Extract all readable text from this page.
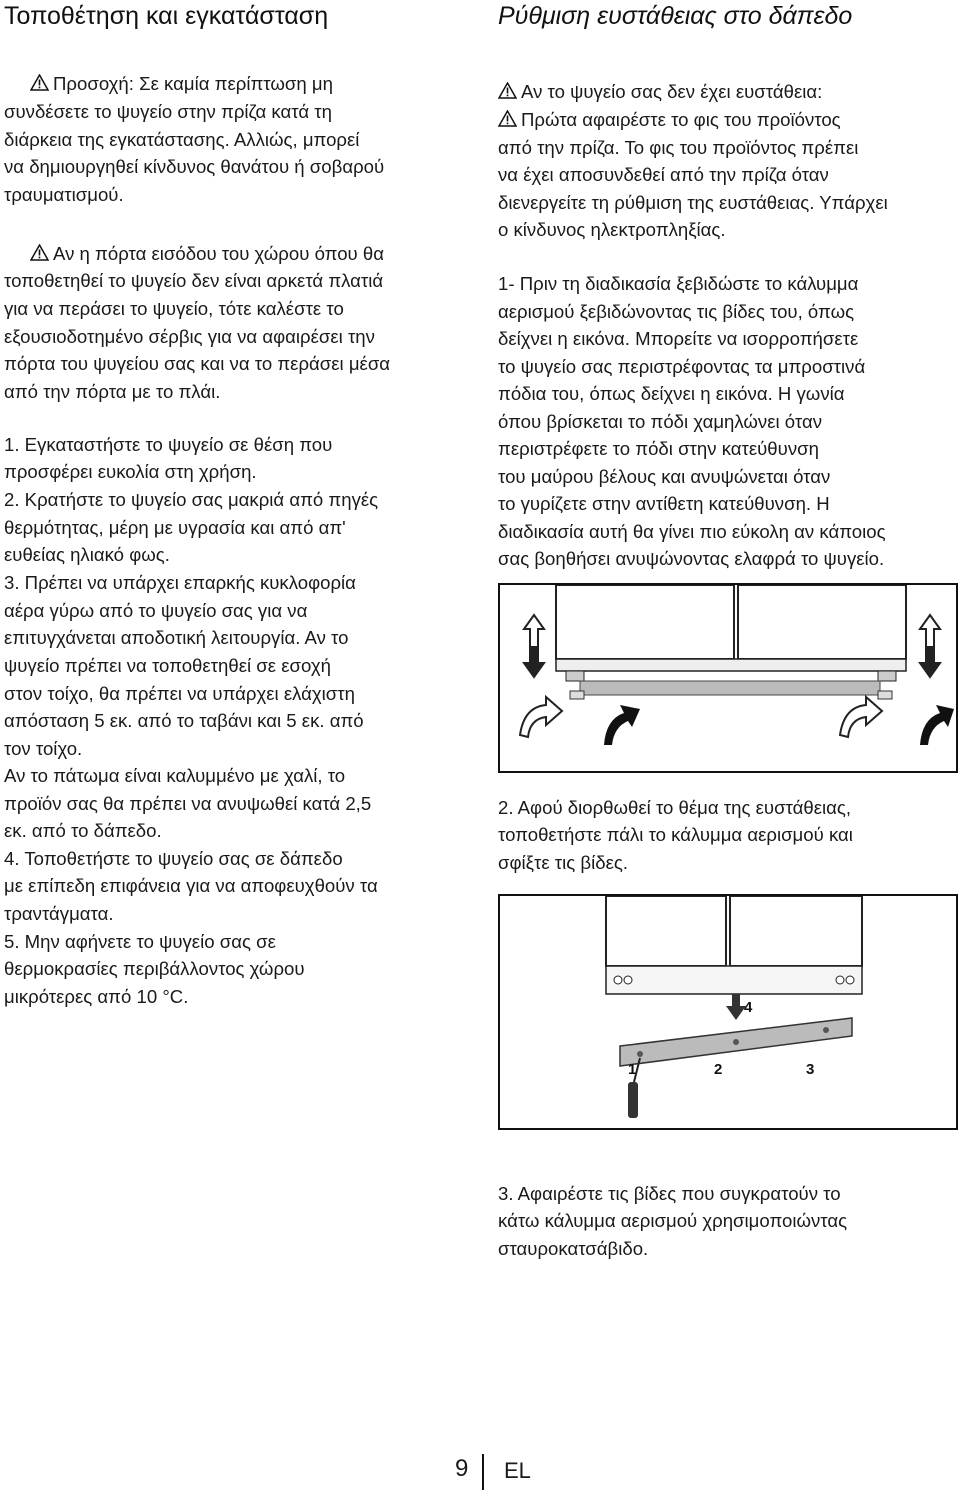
Τοποθέτηση και εγκατάσταση	Ρύθμιση ευστάθειας στο δάπεδο
Προσοχή: Σε καμία περίπτωση μη
συνδέσετε το ψυγείο στην πρίζα κατά τη
διάρκεια της εγκατάστασης. Αλλιώς, μπορεί
να δημιουργηθεί κίνδυνος θανάτου ή σοβαρού
τραυματισμού.
Αν η πόρτα εισόδου του χώρου όπου θα
τοποθετηθεί το ψυγείο δεν είναι αρκετά πλατιά
για να περάσει το ψυγείο, τότε καλέστε το
εξουσιοδοτημένο σέρβις για να αφαιρέσει την
πόρτα του ψυγείου σας και να το περάσει μέσα
από την πόρτα με το πλάι.
1. Εγκαταστήστε το ψυγείο σε θέση που
προσφέρει ευκολία στη χρήση.
2. Κρατήστε το ψυγείο σας μακριά από πηγές
θερμότητας, μέρη με υγρασία και από απ'
ευθείας ηλιακό φως.
3. Πρέπει να υπάρχει επαρκής κυκλοφορία
αέρα γύρω από το ψυγείο σας για να
επιτυγχάνεται αποδοτική λειτουργία. Αν το
ψυγείο πρέπει να τοποθετηθεί σε εσοχή
στον τοίχο, θα πρέπει να υπάρχει ελάχιστη
απόσταση 5 εκ. από το ταβάνι και 5 εκ. από
τον τοίχο.
Αν το πάτωμα είναι καλυμμένο με χαλί, το
προϊόν σας θα πρέπει να ανυψωθεί κατά 2,5
εκ. από το δάπεδο.
4. Τοποθετήστε το ψυγείο σας σε δάπεδο
με επίπεδη επιφάνεια για να αποφευχθούν τα
τραντάγματα.
5. Μην αφήνετε το ψυγείο σας σε
θερμοκρασίες περιβάλλοντος χώρου
μικρότερες από 10 °C.
Αν το ψυγείο σας δεν έχει ευστάθεια:
Πρώτα αφαιρέστε το φις του προϊόντος
από την πρίζα. Το φις του προϊόντος πρέπει
να έχει αποσυνδεθεί από την πρίζα όταν
διενεργείτε τη ρύθμιση της ευστάθειας. Υπάρχει
ο κίνδυνος ηλεκτροπληξίας.
1- Πριν τη διαδικασία ξεβιδώστε το κάλυμμα
αερισμού ξεβιδώνοντας τις βίδες του, όπως
δείχνει η εικόνα. Μπορείτε να ισορροπήσετε
το ψυγείο σας περιστρέφοντας τα μπροστινά
πόδια του, όπως δείχνει η εικόνα. Η γωνία
όπου βρίσκεται το πόδι χαμηλώνει όταν
περιστρέφετε το πόδι στην κατεύθυνση
του μαύρου βέλους και ανυψώνεται όταν
το γυρίζετε στην αντίθετη κατεύθυνση. Η
διαδικασία αυτή θα γίνει πιο εύκολη αν κάποιος
σας βοηθήσει ανυψώνοντας ελαφρά το ψυγείο.
2. Αφού διορθωθεί το θέμα της ευστάθειας,
τοποθετήστε πάλι το κάλυμμα αερισμού και
σφίξτε τις βίδες.
3. Αφαιρέστε τις βίδες που συγκρατούν το
κάτω κάλυμμα αερισμού χρησιμοποιώντας
σταυροκατσάβιδο.
1	2	3
4
9 EL
